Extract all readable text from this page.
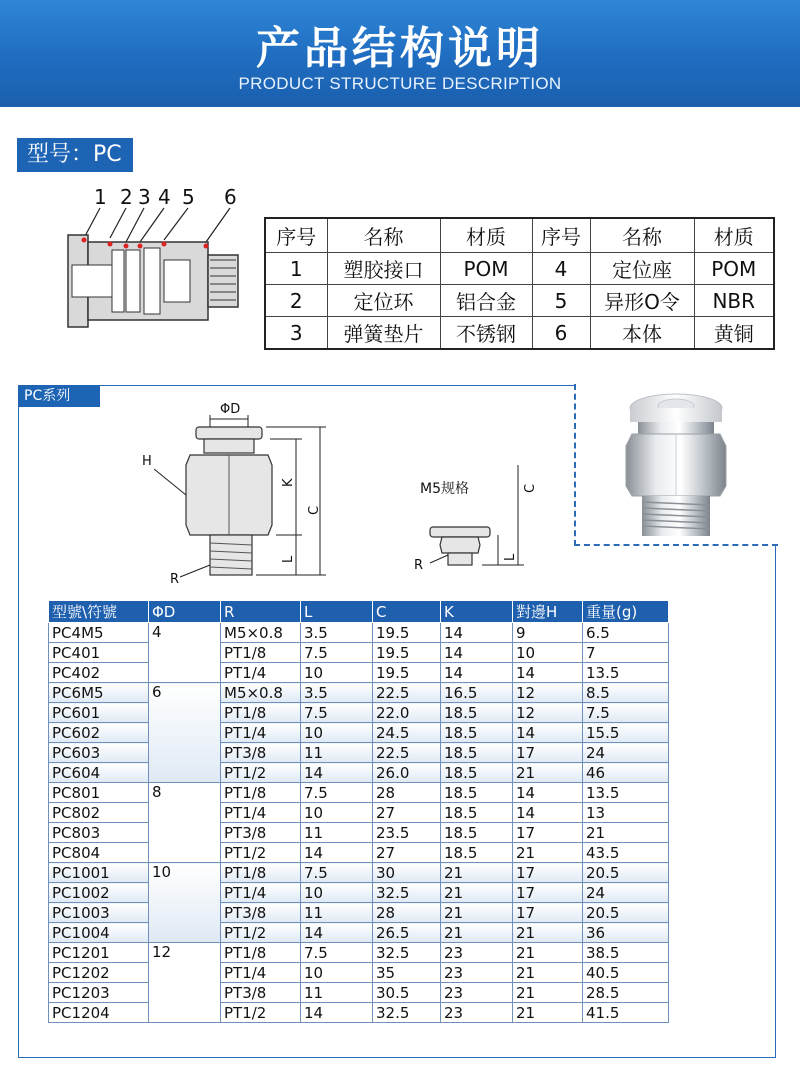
产品结构说明
PRODUCT STRUCTURE DESCRIPTION
型号：PC
1 2 3 4 5 6
序号	名称	材质	序号	名称	材质
1	塑胶接口	POM	4	定位座	POM
2	定位环	铝合金	5	异形O令	NBR
3	弹簧垫片	不锈钢	6	本体	黄铜
PC系列
ΦD
H
K
C
L
R
M5规格	C
L
R
型號\符號	ΦD	R	L	C	K	對邊H	重量(g)
PC4M5	4	M5×0.8	3.5	19.5	14	9	6.5
PC401		PT1/8	7.5	19.5	14	10	7
PC402		PT1/4	10	19.5	14	14	13.5
PC6M5	6	M5×0.8	3.5	22.5	16.5	12	8.5
PC601		PT1/8	7.5	22.0	18.5	12	7.5
PC602		PT1/4	10	24.5	18.5	14	15.5
PC603		PT3/8	11	22.5	18.5	17	24
PC604		PT1/2	14	26.0	18.5	21	46
PC801	8	PT1/8	7.5	28	18.5	14	13.5
PC802		PT1/4	10	27	18.5	14	13
PC803		PT3/8	11	23.5	18.5	17	21
PC804		PT1/2	14	27	18.5	21	43.5
PC1001	10	PT1/8	7.5	30	21	17	20.5
PC1002		PT1/4	10	32.5	21	17	24
PC1003		PT3/8	11	28	21	17	20.5
PC1004		PT1/2	14	26.5	21	21	36
PC1201	12	PT1/8	7.5	32.5	23	21	38.5
PC1202		PT1/4	10	35	23	21	40.5
PC1203		PT3/8	11	30.5	23	21	28.5
PC1204		PT1/2	14	32.5	23	21	41.5
